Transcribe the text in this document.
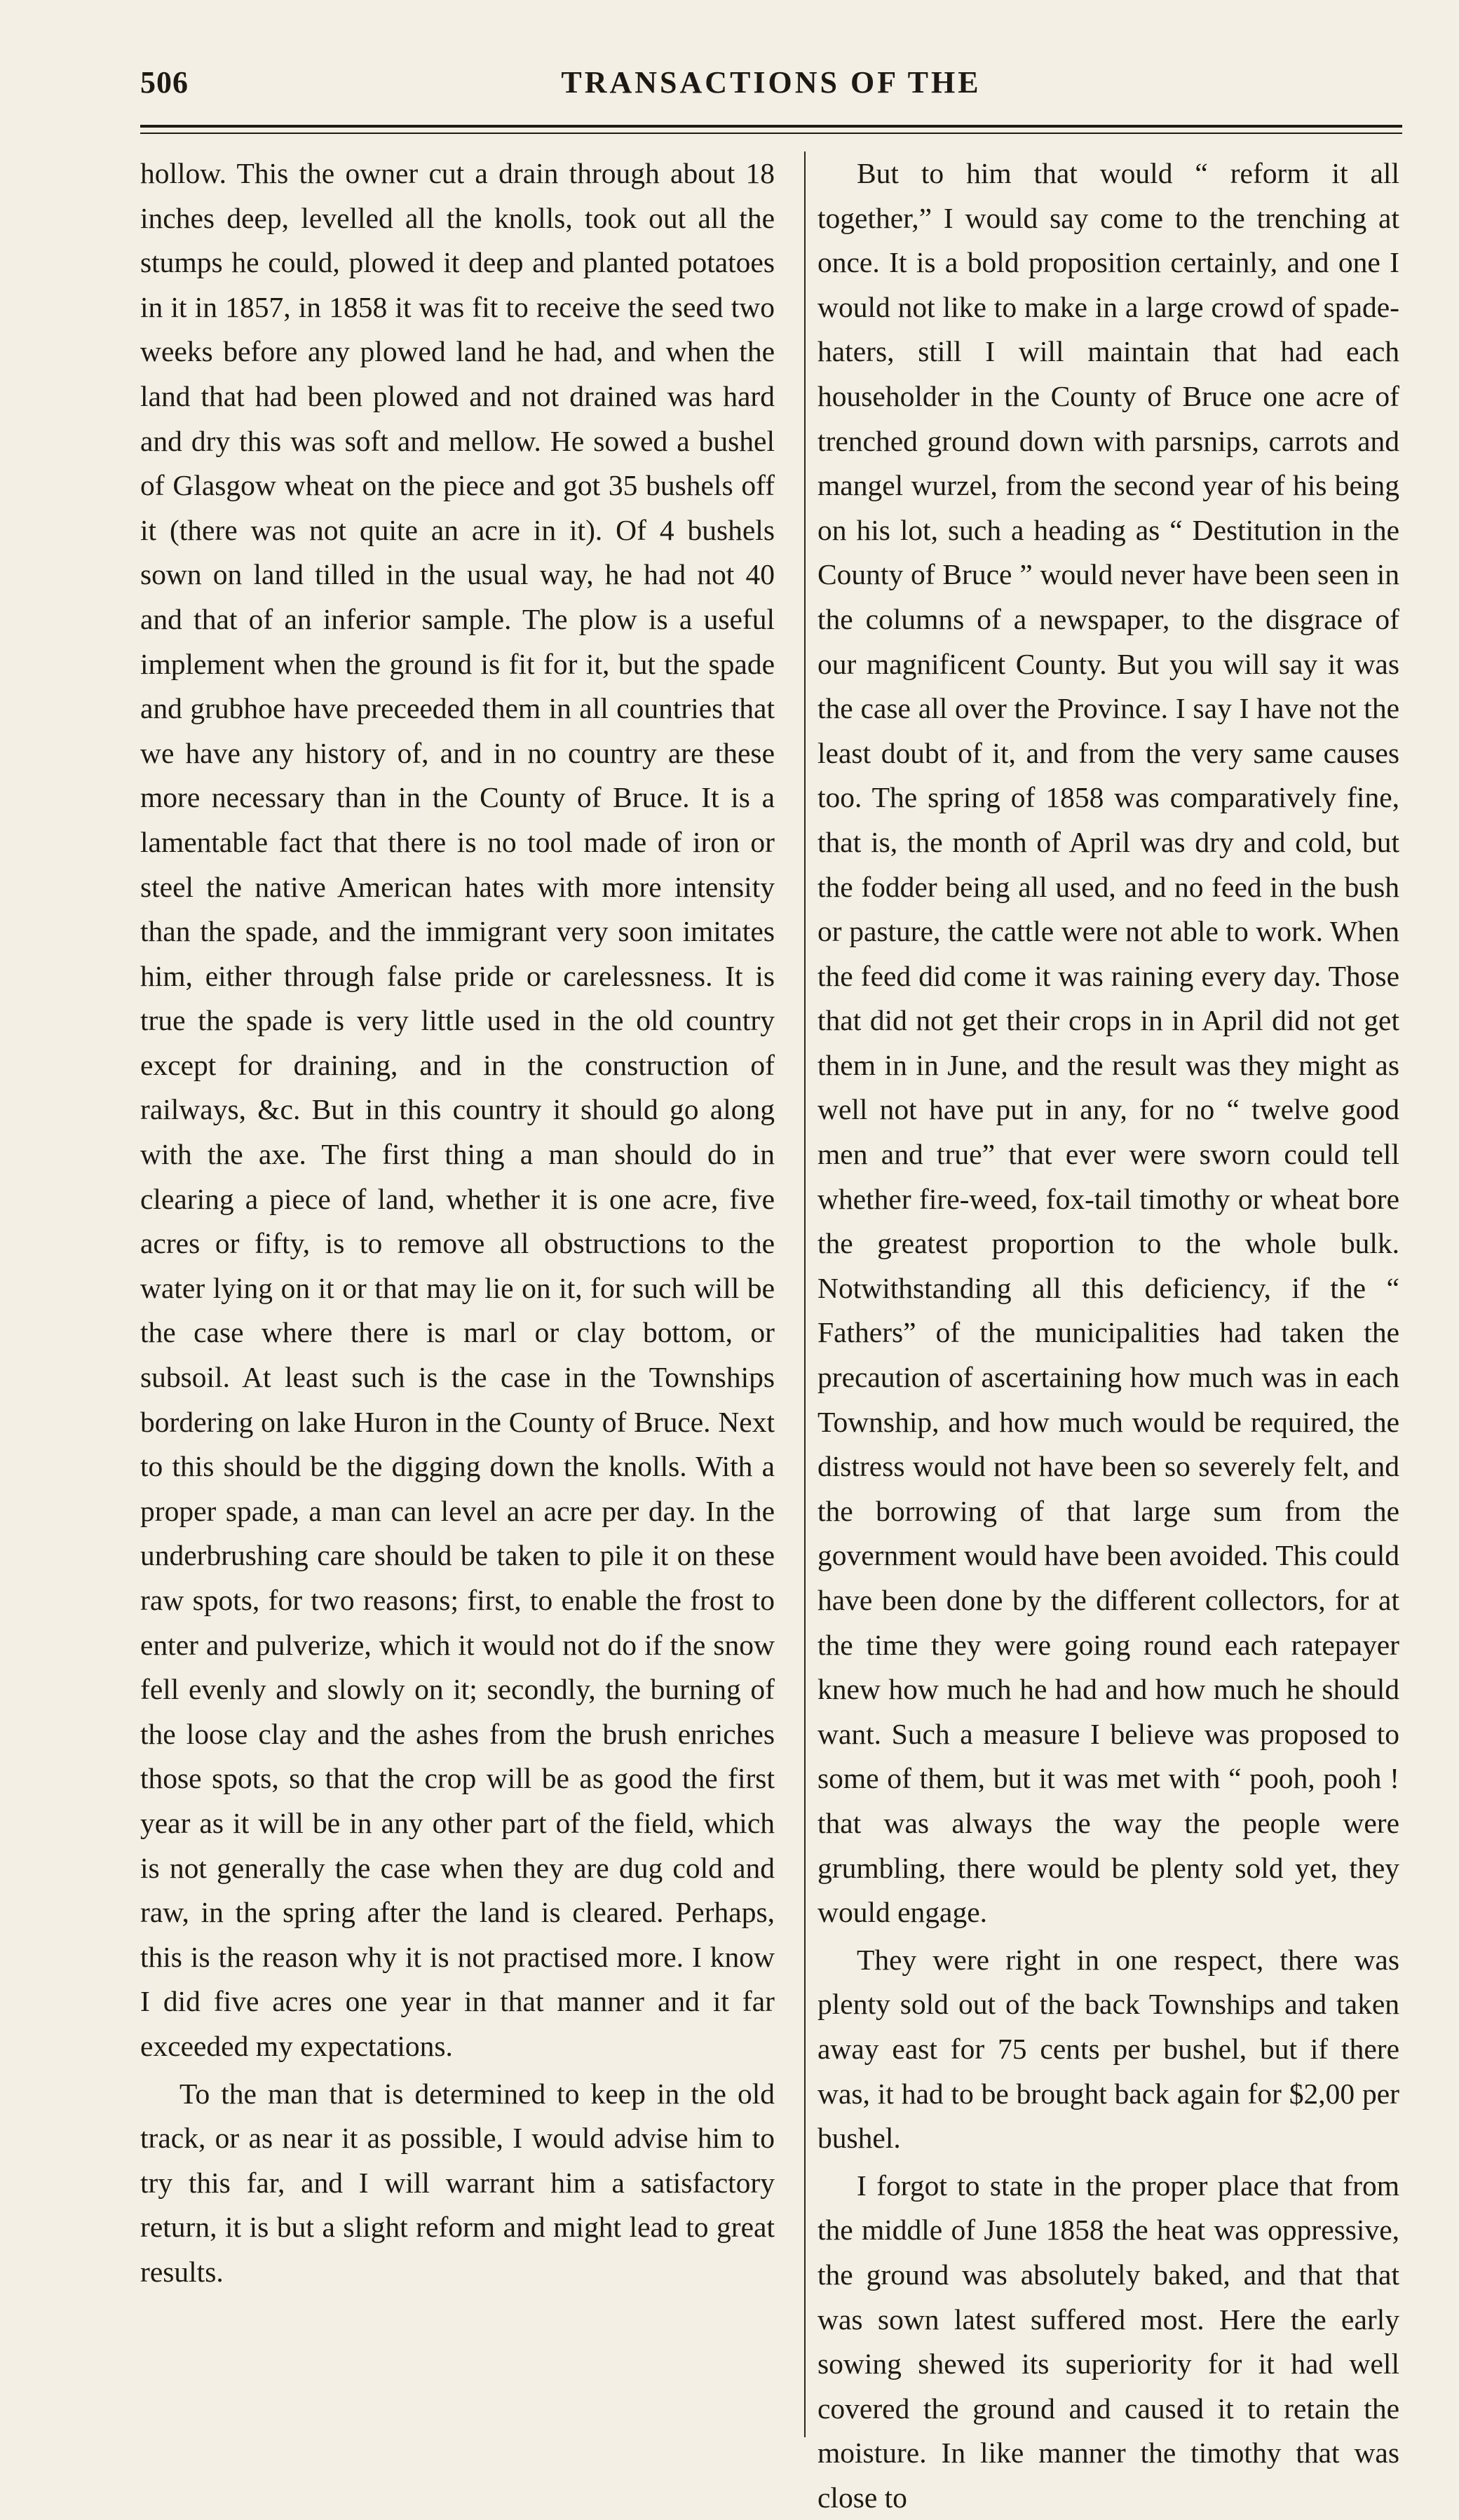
506	TRANSACTIONS OF THE

hollow. This the owner cut a drain through about 18 inches deep, levelled all the knolls, took out all the stumps he could, plowed it deep and planted potatoes in it in 1857, in 1858 it was fit to receive the seed two weeks before any plowed land he had, and when the land that had been plowed and not drained was hard and dry this was soft and mellow. He sowed a bushel of Glasgow wheat on the piece and got 35 bushels off it (there was not quite an acre in it). Of 4 bushels sown on land tilled in the usual way, he had not 40 and that of an inferior sample. The plow is a useful implement when the ground is fit for it, but the spade and grubhoe have preceeded them in all countries that we have any history of, and in no country are these more necessary than in the County of Bruce. It is a lamentable fact that there is no tool made of iron or steel the native American hates with more intensity than the spade, and the immigrant very soon imitates him, either through false pride or carelessness. It is true the spade is very little used in the old country except for draining, and in the construction of railways, &c. But in this country it should go along with the axe. The first thing a man should do in clearing a piece of land, whether it is one acre, five acres or fifty, is to remove all obstructions to the water lying on it or that may lie on it, for such will be the case where there is marl or clay bottom, or subsoil. At least such is the case in the Townships bordering on lake Huron in the County of Bruce. Next to this should be the digging down the knolls. With a proper spade, a man can level an acre per day. In the underbrushing care should be taken to pile it on these raw spots, for two reasons; first, to enable the frost to enter and pulverize, which it would not do if the snow fell evenly and slowly on it; secondly, the burning of the loose clay and the ashes from the brush enriches those spots, so that the crop will be as good the first year as it will be in any other part of the field, which is not generally the case when they are dug cold and raw, in the spring after the land is cleared. Perhaps, this is the reason why it is not practised more. I know I did five acres one year in that manner and it far exceeded my expectations.

To the man that is determined to keep in the old track, or as near it as possible, I would advise him to try this far, and I will warrant him a satisfactory return, it is but a slight reform and might lead to great results.

But to him that would “ reform it all together,” I would say come to the trenching at once. It is a bold proposition certainly, and one I would not like to make in a large crowd of spade-haters, still I will maintain that had each householder in the County of Bruce one acre of trenched ground down with parsnips, carrots and mangel wurzel, from the second year of his being on his lot, such a heading as “ Destitution in the County of Bruce ” would never have been seen in the columns of a newspaper, to the disgrace of our magnificent County. But you will say it was the case all over the Province. I say I have not the least doubt of it, and from the very same causes too. The spring of 1858 was comparatively fine, that is, the month of April was dry and cold, but the fodder being all used, and no feed in the bush or pasture, the cattle were not able to work. When the feed did come it was raining every day. Those that did not get their crops in in April did not get them in in June, and the result was they might as well not have put in any, for no “ twelve good men and true” that ever were sworn could tell whether fire-weed, fox-tail timothy or wheat bore the greatest proportion to the whole bulk. Notwithstanding all this deficiency, if the “ Fathers” of the municipalities had taken the precaution of ascertaining how much was in each Township, and how much would be required, the distress would not have been so severely felt, and the borrowing of that large sum from the government would have been avoided. This could have been done by the different collectors, for at the time they were going round each ratepayer knew how much he had and how much he should want. Such a measure I believe was proposed to some of them, but it was met with “ pooh, pooh ! that was always the way the people were grumbling, there would be plenty sold yet, they would engage.

They were right in one respect, there was plenty sold out of the back Townships and taken away east for 75 cents per bushel, but if there was, it had to be brought back again for $2,00 per bushel.

I forgot to state in the proper place that from the middle of June 1858 the heat was oppressive, the ground was absolutely baked, and that that was sown latest suffered most. Here the early sowing shewed its superiority for it had well covered the ground and caused it to retain the moisture. In like manner the timothy that was close to
